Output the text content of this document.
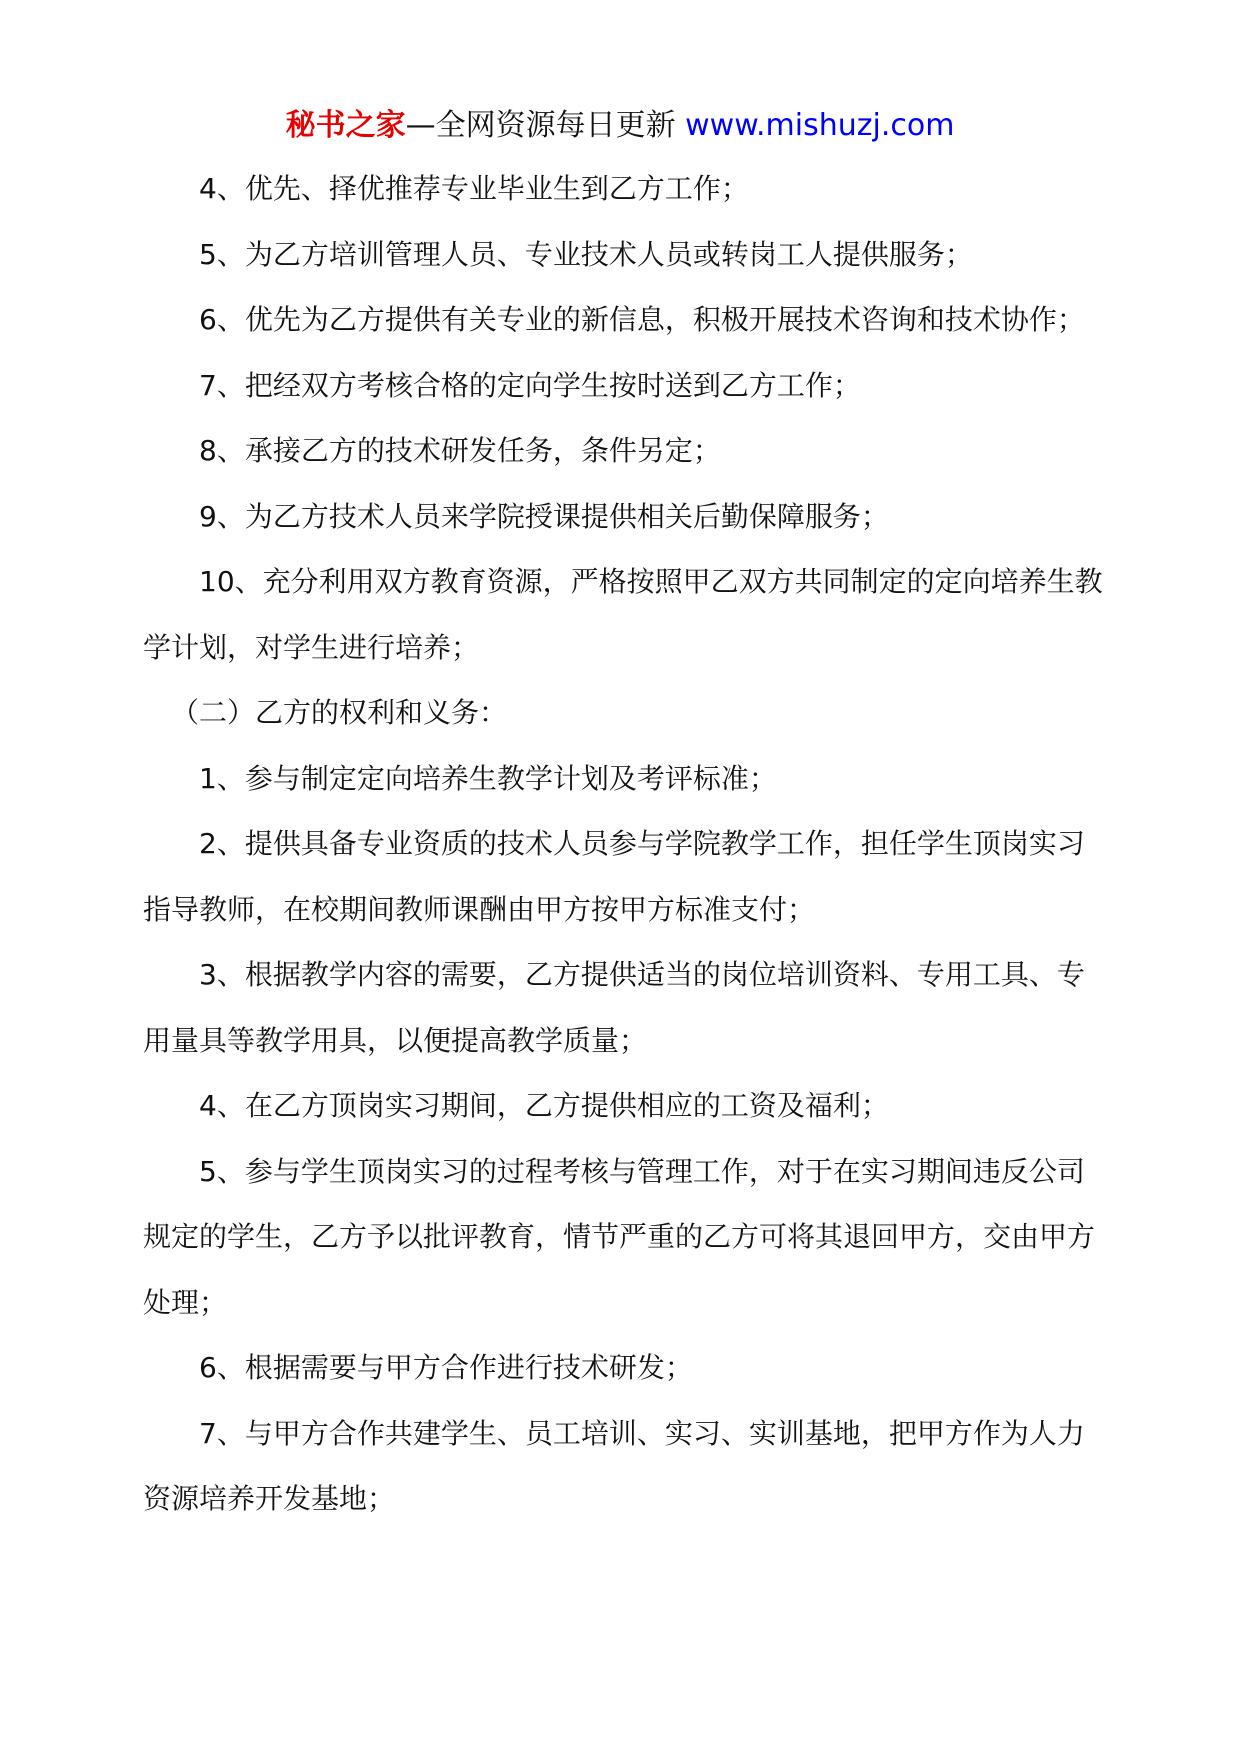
秘书之家—全网资源每日更新 www.mishuzj.com

4、优先、择优推荐专业毕业生到乙方工作；

5、为乙方培训管理人员、专业技术人员或转岗工人提供服务；

6、优先为乙方提供有关专业的新信息，积极开展技术咨询和技术协作；

7、把经双方考核合格的定向学生按时送到乙方工作；

8、承接乙方的技术研发任务，条件另定；

9、为乙方技术人员来学院授课提供相关后勤保障服务；

10、充分利用双方教育资源，严格按照甲乙双方共同制定的定向培养生教学计划，对学生进行培养；

（二）乙方的权利和义务：

1、参与制定定向培养生教学计划及考评标准；

2、提供具备专业资质的技术人员参与学院教学工作，担任学生顶岗实习指导教师，在校期间教师课酬由甲方按甲方标准支付；

3、根据教学内容的需要，乙方提供适当的岗位培训资料、专用工具、专用量具等教学用具，以便提高教学质量；

4、在乙方顶岗实习期间，乙方提供相应的工资及福利；

5、参与学生顶岗实习的过程考核与管理工作，对于在实习期间违反公司规定的学生，乙方予以批评教育，情节严重的乙方可将其退回甲方，交由甲方处理；

6、根据需要与甲方合作进行技术研发；

7、与甲方合作共建学生、员工培训、实习、实训基地，把甲方作为人力资源培养开发基地；
